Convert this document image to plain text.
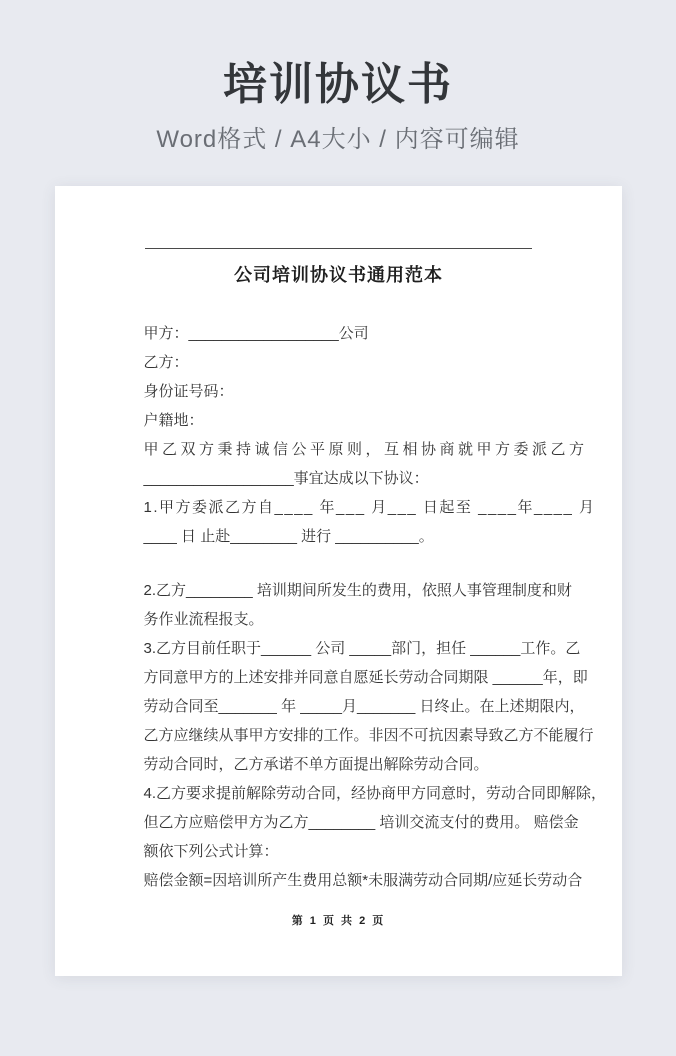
培训协议书
Word格式 / A4大小 / 内容可编辑
公司培训协议书通用范本
甲方：__________________公司
乙方：
身份证号码：
户籍地：
甲乙双方秉持诚信公平原则，互相协商就甲方委派乙方
__________________事宜达成以下协议：
1.甲方委派乙方自____ 年___ 月___ 日起至 ____年____ 月
____ 日 止赴________ 进行 __________。
2.乙方________ 培训期间所发生的费用，依照人事管理制度和财
务作业流程报支。
3.乙方目前任职于______ 公司 _____部门，担任 ______工作。乙
方同意甲方的上述安排并同意自愿延长劳动合同期限 ______年，即
劳动合同至_______ 年 _____月_______ 日终止。在上述期限内，
乙方应继续从事甲方安排的工作。非因不可抗因素导致乙方不能履行
劳动合同时，乙方承诺不单方面提出解除劳动合同。
4.乙方要求提前解除劳动合同，经协商甲方同意时，劳动合同即解除，
但乙方应赔偿甲方为乙方________ 培训交流支付的费用。 赔偿金
额依下列公式计算：
赔偿金额=因培训所产生费用总额*未服满劳动合同期/应延长劳动合
第 1 页 共 2 页
